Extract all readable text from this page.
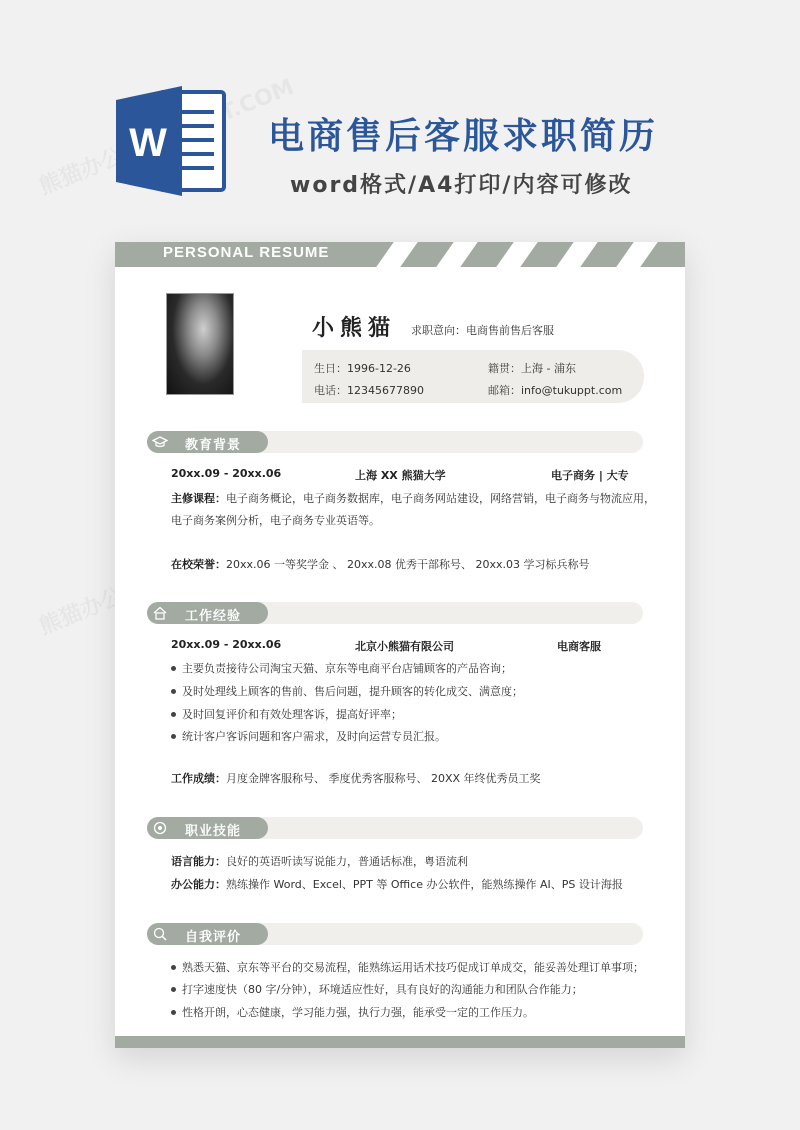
W	电商售后客服求职简历
word格式/A4打印/内容可修改
PERSONAL RESUME
小熊猫 求职意向：电商售前售后客服
生日：1996-12-26	籍贯：上海 - 浦东
电话：12345677890	邮箱：info@tukuppt.com
教育背景
20xx.09 - 20xx.06	上海 XX 熊猫大学	电子商务 | 大专
主修课程：电子商务概论，电子商务数据库，电子商务网站建设，网络营销，电子商务与物流应用，
电子商务案例分析，电子商务专业英语等。
在校荣誉：20xx.06 一等奖学金 、 20xx.08 优秀干部称号、 20xx.03 学习标兵称号
工作经验
20xx.09 - 20xx.06	北京小熊猫有限公司	电商客服
主要负责接待公司淘宝天猫、京东等电商平台店铺顾客的产品咨询；
及时处理线上顾客的售前、售后问题，提升顾客的转化成交、满意度；
及时回复评价和有效处理客诉，提高好评率；
统计客户客诉问题和客户需求，及时向运营专员汇报。
工作成绩：月度金牌客服称号、 季度优秀客服称号、 20XX 年终优秀员工奖
职业技能
语言能力：良好的英语听读写说能力，普通话标准，粤语流利
办公能力：熟练操作 Word、Excel、PPT 等 Office 办公软件，能熟练操作 AI、PS 设计海报
自我评价
熟悉天猫、京东等平台的交易流程，能熟练运用话术技巧促成订单成交，能妥善处理订单事项；
打字速度快（80 字/分钟），环境适应性好，具有良好的沟通能力和团队合作能力；
性格开朗，心态健康，学习能力强，执行力强，能承受一定的工作压力。
